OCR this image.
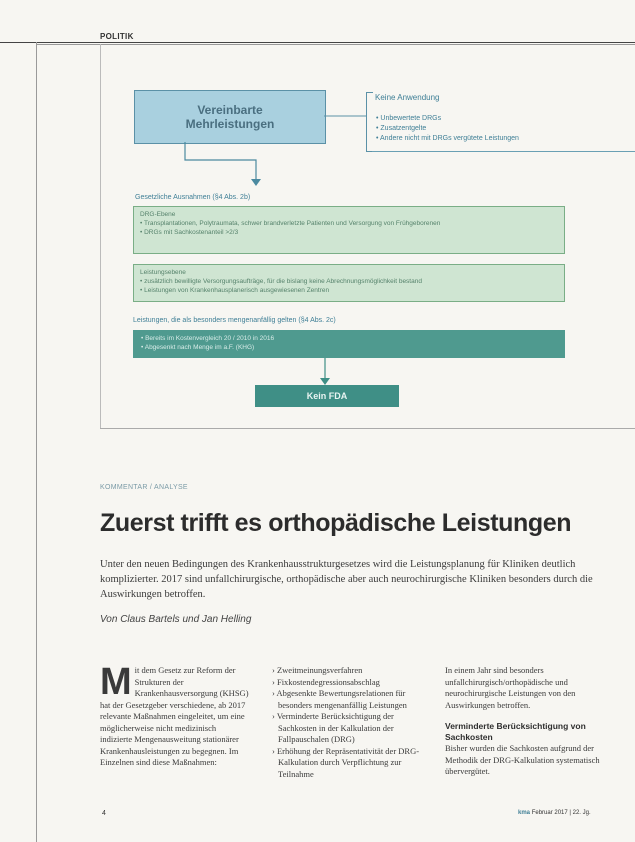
POLITIK
Vereinbarte
Mehrleistungen
Keine Anwendung
• Unbewertete DRGs
• Zusatzentgelte
• Andere nicht mit DRGs vergütete Leistungen
Gesetzliche Ausnahmen (§4 Abs. 2b)
DRG-Ebene
• Transplantationen, Polytraumata, schwer brandverletzte Patienten und Versorgung von Frühgeborenen
• DRGs mit Sachkostenanteil >2/3
Leistungsebene
• zusätzlich bewilligte Versorgungsaufträge, für die bislang keine Abrechnungsmöglichkeit bestand
• Leistungen von Krankenhausplanerisch ausgewiesenen Zentren
Leistungen, die als besonders mengenanfällig gelten (§4 Abs. 2c)
• Bereits im Kostenvergleich 20 / 2010 in 2016
• Abgesenkt nach Menge im a.F. (KHG)
Kein FDA
KOMMENTAR / ANALYSE
Zuerst trifft es orthopädische Leistungen
Unter den neuen Bedingungen des Krankenhausstrukturgesetzes wird die Leistungsplanung für Kliniken deutlich komplizierter. 2017 sind unfallchirurgische, orthopädische aber auch neurochirurgische Kliniken besonders durch die Auswirkungen betroffen.
Von Claus Bartels und Jan Helling
M it dem Gesetz zur Reform der Strukturen der Krankenhausversorgung (KHSG) hat der Gesetzgeber verschiedene, ab 2017 relevante Maßnahmen eingeleitet, um eine möglicherweise nicht medizinisch indizierte Mengenausweitung stationärer Krankenhausleistungen zu begegnen. Im Einzelnen sind diese Maßnahmen:
› Zweitmeinungsverfahren
› Fixkostendegressionsabschlag
› Abgesenkte Bewertungsrelationen für besonders mengenanfällig Leistungen
› Verminderte Berücksichtigung der Sachkosten in der Kalkulation der Fallpauschalen (DRG)
› Erhöhung der Repräsentativität der DRG-Kalkulation durch Verpflichtung zur Teilnahme
In einem Jahr sind besonders unfallchirurgisch/orthopädische und neurochirurgische Leistungen von den Auswirkungen betroffen.
Verminderte Berücksichtigung von Sachkosten
Bisher wurden die Sachkosten aufgrund der Methodik der DRG-Kalkulation systematisch übervergütet.
4	kma Februar 2017 | 22. Jg.
